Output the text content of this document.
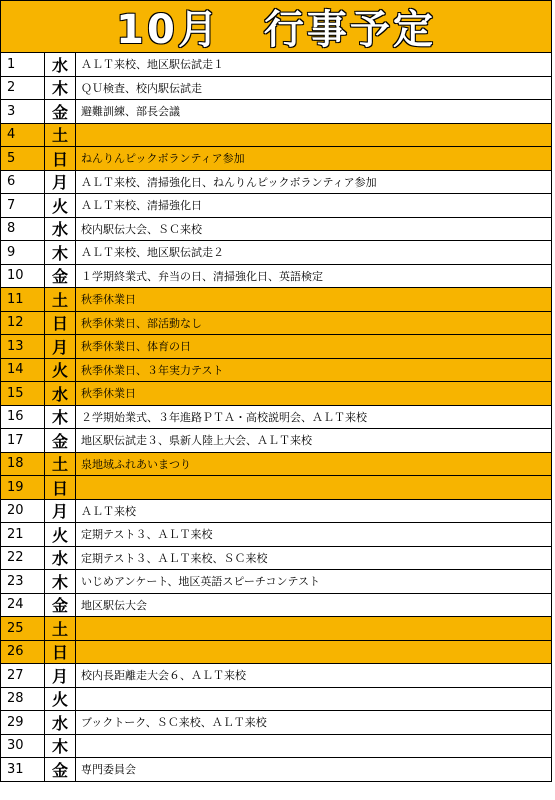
10月　行事予定
1	水	ＡＬＴ来校、地区駅伝試走１
2	木	ＱＵ検査、校内駅伝試走
3	金	避難訓練、部長会議
4	土
5	日	ねんりんピックボランティア参加
6	月	ＡＬＴ来校、清掃強化日、ねんりんピックボランティア参加
7	火	ＡＬＴ来校、清掃強化日
8	水	校内駅伝大会、ＳＣ来校
9	木	ＡＬＴ来校、地区駅伝試走２
10	金	１学期終業式、弁当の日、清掃強化日、英語検定
11	土	秋季休業日
12	日	秋季休業日、部活動なし
13	月	秋季休業日、体育の日
14	火	秋季休業日、３年実力テスト
15	水	秋季休業日
16	木	２学期始業式、３年進路ＰＴＡ・高校説明会、ＡＬＴ来校
17	金	地区駅伝試走３、県新人陸上大会、ＡＬＴ来校
18	土	泉地域ふれあいまつり
19	日
20	月	ＡＬＴ来校
21	火	定期テスト３、ＡＬＴ来校
22	水	定期テスト３、ＡＬＴ来校、ＳＣ来校
23	木	いじめアンケート、地区英語スピーチコンテスト
24	金	地区駅伝大会
25	土
26	日
27	月	校内長距離走大会６、ＡＬＴ来校
28	火
29	水	ブックトーク、ＳＣ来校、ＡＬＴ来校
30	木
31	金	専門委員会
